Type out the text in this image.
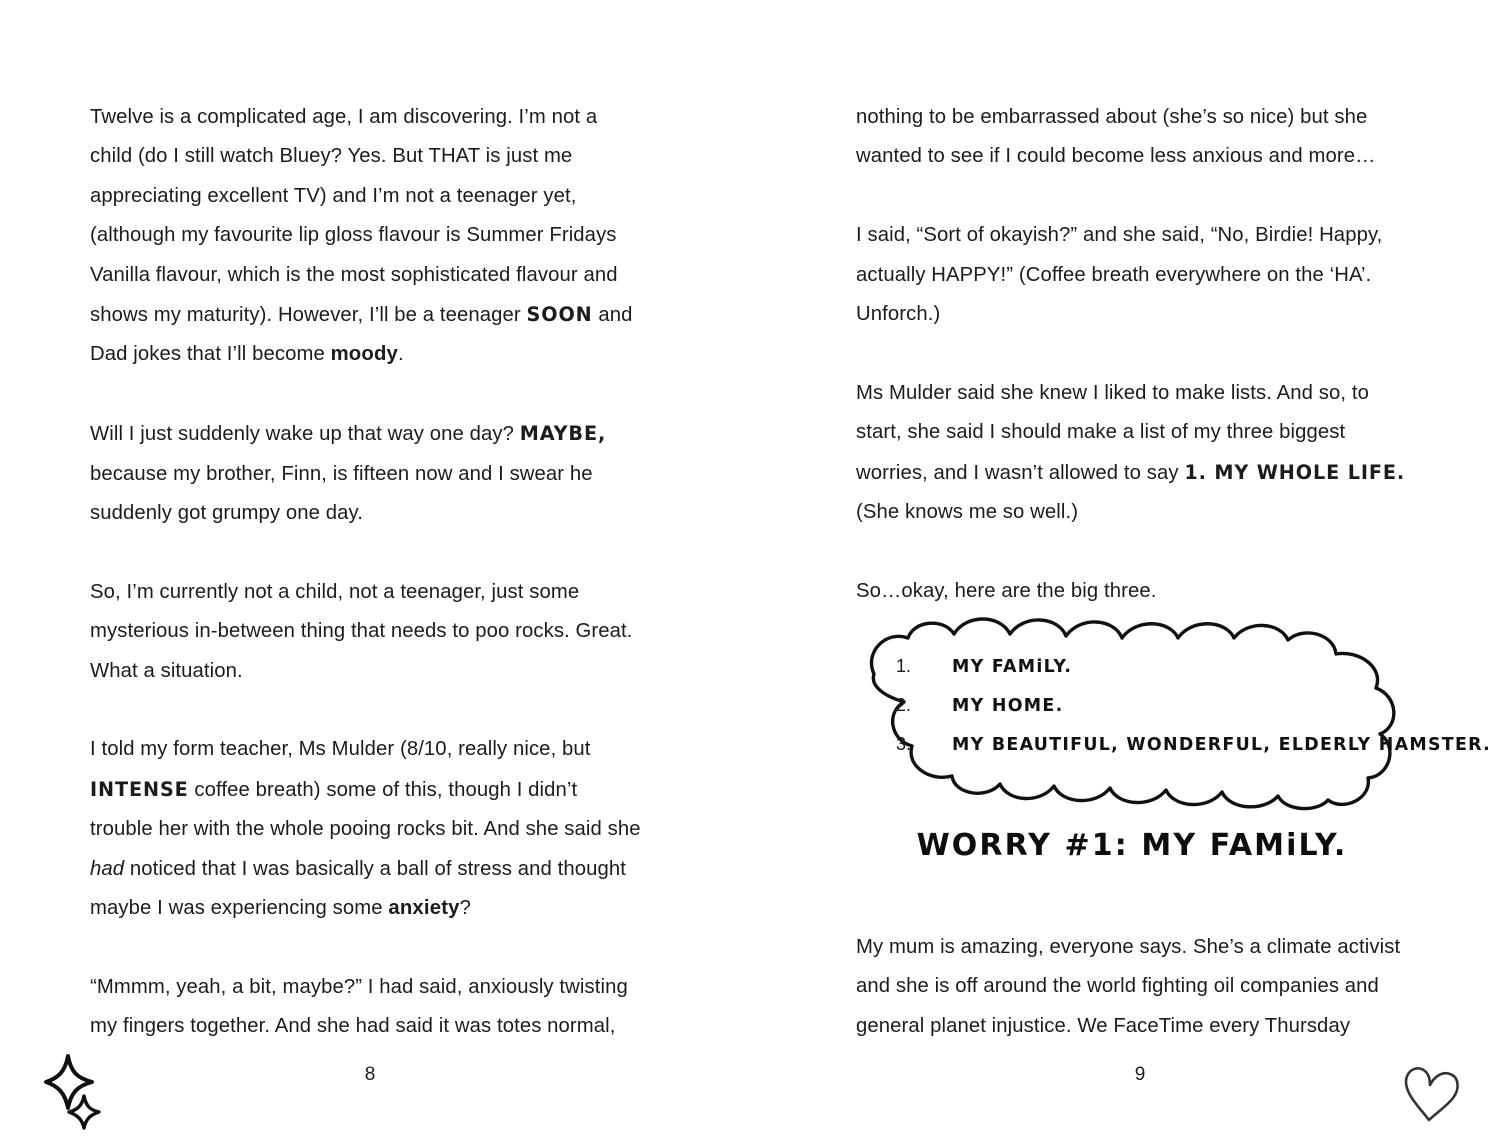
Twelve is a complicated age, I am discovering. I’m not a child (do I still watch Bluey? Yes. But THAT is just me appreciating excellent TV) and I’m not a teenager yet, (although my favourite lip gloss flavour is Summer Fridays Vanilla flavour, which is the most sophisticated flavour and shows my maturity). However, I’ll be a teenager SOON and Dad jokes that I’ll become moody.

Will I just suddenly wake up that way one day? MAYBE, because my brother, Finn, is fifteen now and I swear he suddenly got grumpy one day.

So, I’m currently not a child, not a teenager, just some mysterious in-between thing that needs to poo rocks. Great. What a situation.

I told my form teacher, Ms Mulder (8/10, really nice, but INTENSE coffee breath) some of this, though I didn’t trouble her with the whole pooing rocks bit. And she said she had noticed that I was basically a ball of stress and thought maybe I was experiencing some anxiety?

“Mmmm, yeah, a bit, maybe?” I had said, anxiously twisting my fingers together. And she had said it was totes normal,

nothing to be embarrassed about (she’s so nice) but she wanted to see if I could become less anxious and more…

I said, “Sort of okayish?” and she said, “No, Birdie! Happy, actually HAPPY!” (Coffee breath everywhere on the ‘HA’. Unforch.)

Ms Mulder said she knew I liked to make lists. And so, to start, she said I should make a list of my three biggest worries, and I wasn’t allowed to say 1. MY WHOLE LIFE. (She knows me so well.)

So…okay, here are the big three.

1.	MY FAMiLY.
2.	MY HOME.
3.	MY BEAUTIFUL, WONDERFUL, ELDERLY HAMSTER.
WORRY #1: MY FAMiLY.

My mum is amazing, everyone says. She’s a climate activist and she is off around the world fighting oil companies and general planet injustice. We FaceTime every Thursday

8	9
